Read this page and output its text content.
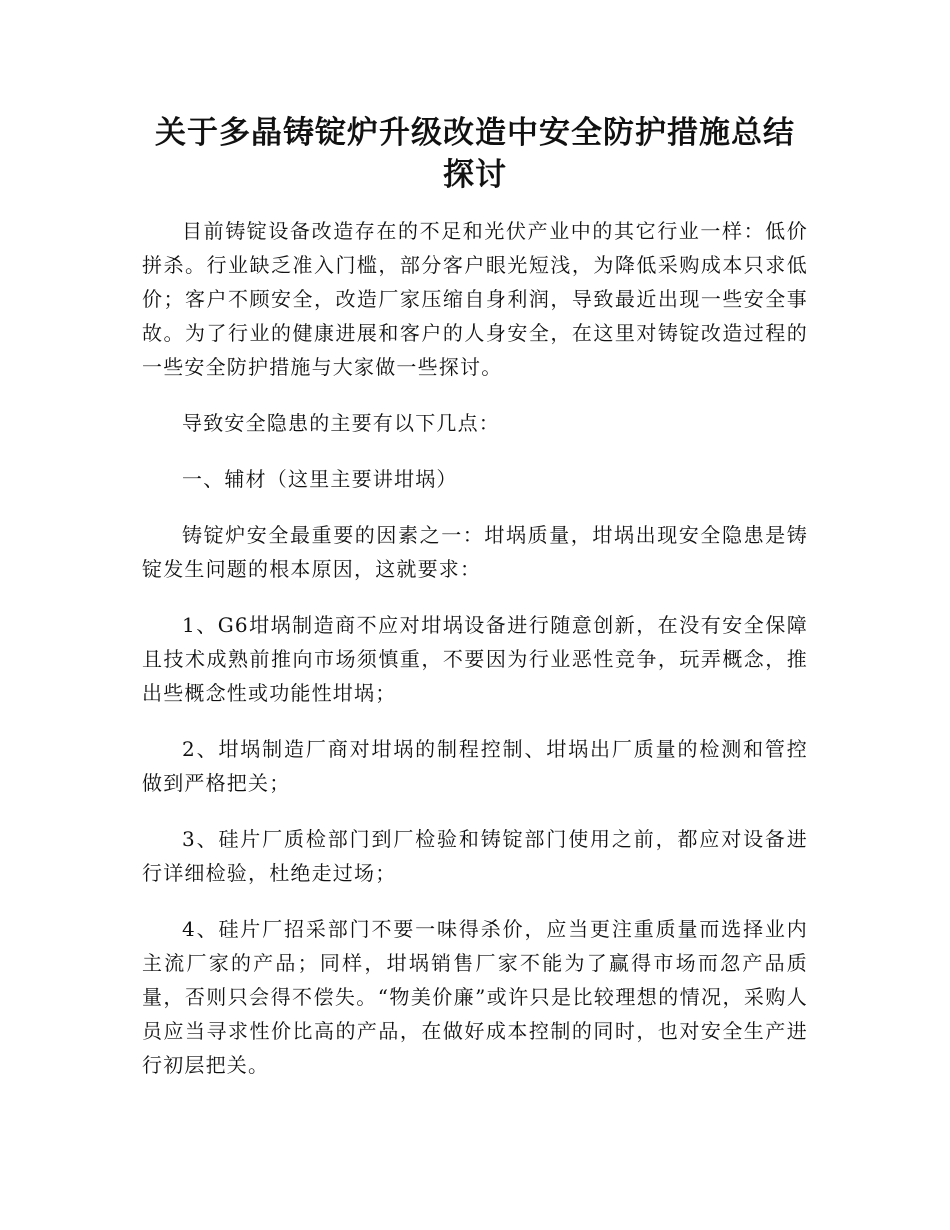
关于多晶铸锭炉升级改造中安全防护措施总结探讨

目前铸锭设备改造存在的不足和光伏产业中的其它行业一样：低价拼杀。行业缺乏准入门槛，部分客户眼光短浅，为降低采购成本只求低价；客户不顾安全，改造厂家压缩自身利润，导致最近出现一些安全事故。为了行业的健康进展和客户的人身安全，在这里对铸锭改造过程的一些安全防护措施与大家做一些探讨。

导致安全隐患的主要有以下几点：

一、辅材（这里主要讲坩埚）

铸锭炉安全最重要的因素之一：坩埚质量，坩埚出现安全隐患是铸锭发生问题的根本原因，这就要求：

1、G6坩埚制造商不应对坩埚设备进行随意创新，在没有安全保障且技术成熟前推向市场须慎重，不要因为行业恶性竞争，玩弄概念，推出些概念性或功能性坩埚；

2、坩埚制造厂商对坩埚的制程控制、坩埚出厂质量的检测和管控做到严格把关；

3、硅片厂质检部门到厂检验和铸锭部门使用之前，都应对设备进行详细检验，杜绝走过场；

4、硅片厂招采部门不要一味得杀价，应当更注重质量而选择业内主流厂家的产品；同样，坩埚销售厂家不能为了赢得市场而忽产品质量，否则只会得不偿失。“物美价廉”或许只是比较理想的情况，采购人员应当寻求性价比高的产品，在做好成本控制的同时，也对安全生产进行初层把关。
